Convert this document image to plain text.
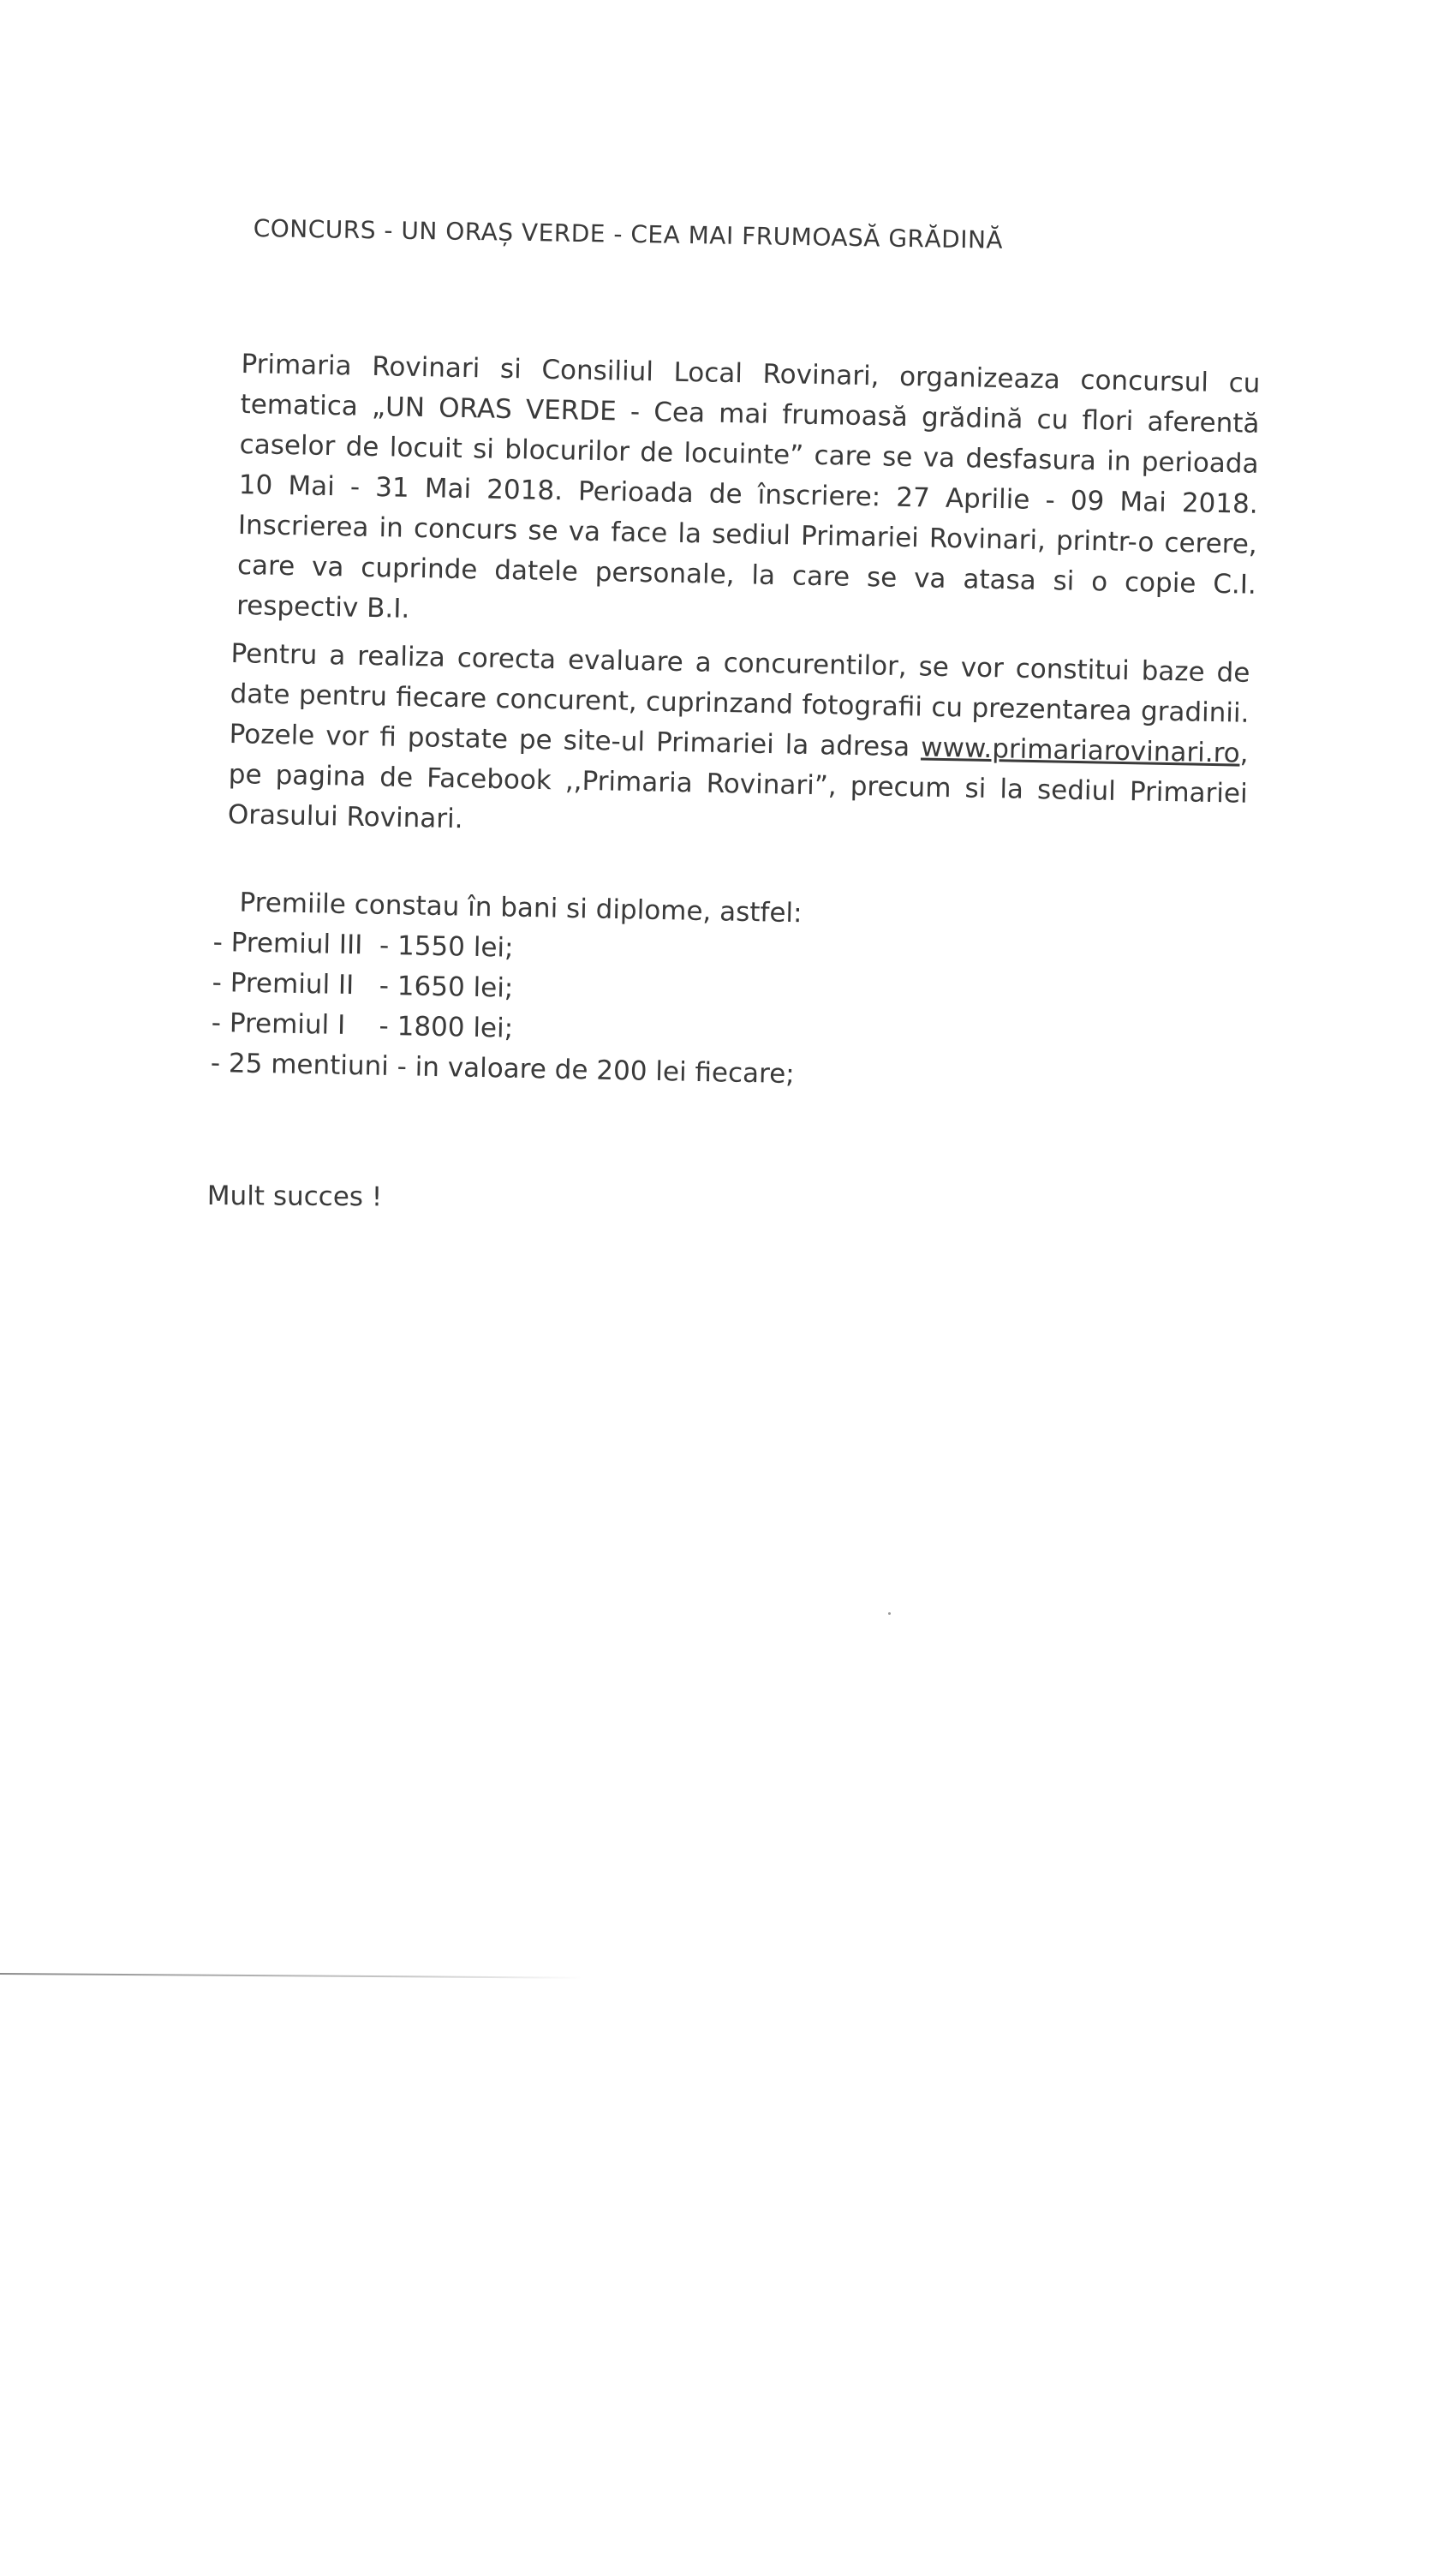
CONCURS - UN ORAȘ VERDE - CEA MAI FRUMOASĂ GRĂDINĂ
Primaria Rovinari si Consiliul Local Rovinari, organizeaza concursul cu tematica „UN ORAS VERDE - Cea mai frumoasă grădină cu flori aferentă caselor de locuit si blocurilor de locuinte” care se va desfasura in perioada 10 Mai - 31 Mai 2018. Perioada de înscriere: 27 Aprilie - 09 Mai 2018. Inscrierea in concurs se va face la sediul Primariei Rovinari, printr-o cerere, care va cuprinde datele personale, la care se va atasa si o copie C.I. respectiv B.I.
Pentru a realiza corecta evaluare a concurentilor, se vor constitui baze de date pentru fiecare concurent, cuprinzand fotografii cu prezentarea gradinii. Pozele vor fi postate pe site-ul Primariei la adresa www.primariarovinari.ro, pe pagina de Facebook ,,Primaria Rovinari”, precum si la sediul Primariei Orasului Rovinari.
Premiile constau în bani si diplome, astfel:
- Premiul III  - 1550 lei;
- Premiul II   - 1650 lei;
- Premiul I    - 1800 lei;
- 25 mentiuni - in valoare de 200 lei fiecare;
Mult succes !
